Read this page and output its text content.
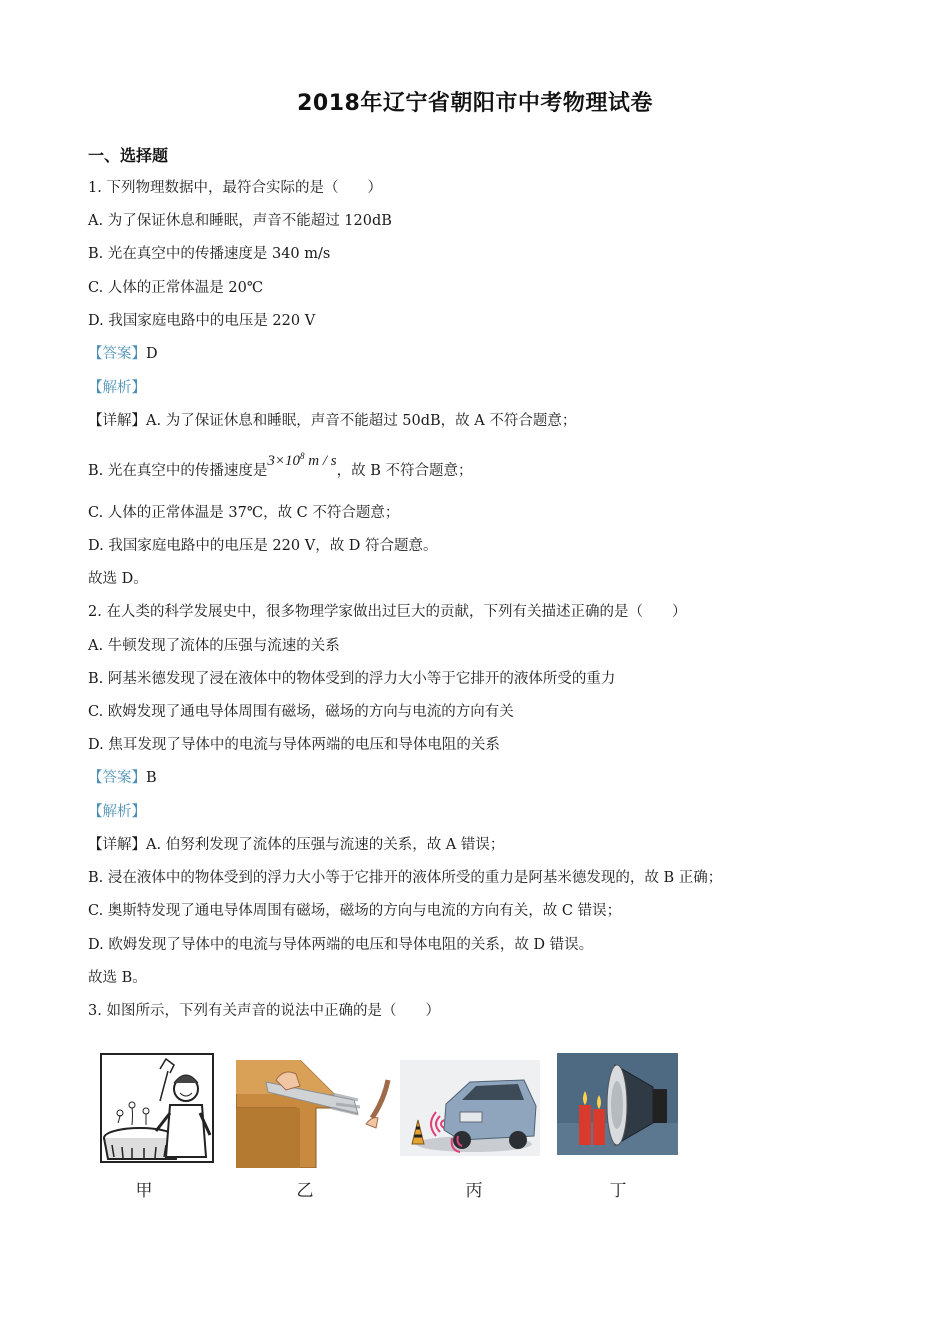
2018年辽宁省朝阳市中考物理试卷
一、选择题
1. 下列物理数据中，最符合实际的是（　　）
A. 为了保证休息和睡眠，声音不能超过 120dB
B. 光在真空中的传播速度是 340 m/s
C. 人体的正常体温是 20℃
D. 我国家庭电路中的电压是 220 V
【答案】D
【解析】
【详解】A. 为了保证休息和睡眠，声音不能超过 50dB，故 A 不符合题意；
B. 光在真空中的传播速度是$3\times 10^8$ m / s，故 B 不符合题意；
C. 人体的正常体温是 37℃，故 C 不符合题意；
D. 我国家庭电路中的电压是 220 V，故 D 符合题意。
故选 D。
2. 在人类的科学发展史中，很多物理学家做出过巨大的贡献，下列有关描述正确的是（　　）
A. 牛顿发现了流体的压强与流速的关系
B. 阿基米德发现了浸在液体中的物体受到的浮力大小等于它排开的液体所受的重力
C. 欧姆发现了通电导体周围有磁场，磁场的方向与电流的方向有关
D. 焦耳发现了导体中的电流与导体两端的电压和导体电阻的关系
【答案】B
【解析】
【详解】A. 伯努利发现了流体的压强与流速的关系，故 A 错误；
B. 浸在液体中的物体受到的浮力大小等于它排开的液体所受的重力是阿基米德发现的，故 B 正确；
C. 奥斯特发现了通电导体周围有磁场，磁场的方向与电流的方向有关，故 C 错误；
D. 欧姆发现了导体中的电流与导体两端的电压和导体电阻的关系，故 D 错误。
故选 B。
3. 如图所示，下列有关声音的说法中正确的是（　　）
甲	乙	丙	丁
